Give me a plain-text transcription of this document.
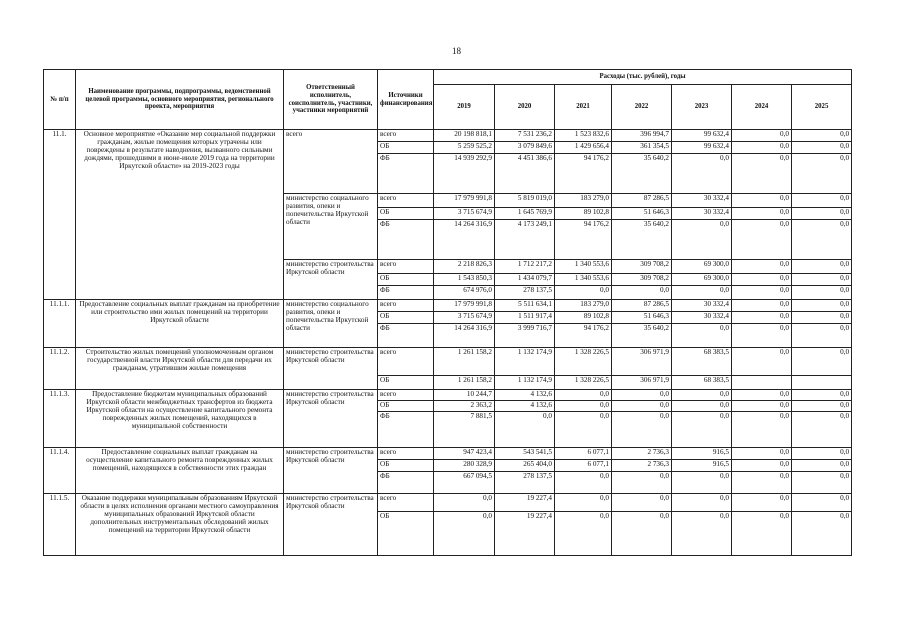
18
№ п/п	Наименование программы, подпрограммы, ведомственной целевой программы, основного мероприятия, регионального проекта, мероприятия	Ответственный исполнитель, соисполнитель, участники, участники мероприятий	Источники финансирования	Расходы (тыс. рублей), годы						
				2019	2020	2021	2022	2023	2024	2025
11.1.	Основное мероприятие «Оказание мер социальной поддержки гражданам, жилые помещения которых утрачены или повреждены в результате наводнения, вызванного сильными дождями, прошедшими в июне-июле 2019 года на территории Иркутской области» на 2019-2023 годы	всего	всего	20 198 818,1	7 531 236,2	1 523 832,6	396 994,7	99 632,4	0,0	0,0
			ОБ	5 259 525,2	3 079 849,6	1 429 656,4	361 354,5	99 632,4	0,0	0,0
			ФБ	14 939 292,9	4 451 386,6	94 176,2	35 640,2	0,0	0,0	0,0
		министерство социального развития, опеки и попечительства Иркутской области	всего	17 979 991,8	5 819 019,0	183 279,0	87 286,5	30 332,4	0,0	0,0
			ОБ	3 715 674,9	1 645 769,9	89 102,8	51 646,3	30 332,4	0,0	0,0
			ФБ	14 264 316,9	4 173 249,1	94 176,2	35 640,2	0,0	0,0	0,0
		министерство строительства Иркутской области	всего	2 218 826,3	1 712 217,2	1 340 553,6	309 708,2	69 300,0	0,0	0,0
			ОБ	1 543 850,3	1 434 079,7	1 340 553,6	309 708,2	69 300,0	0,0	0,0
			ФБ	674 976,0	278 137,5	0,0	0,0	0,0	0,0	0,0
11.1.1.	Предоставление социальных выплат гражданам на приобретение или строительство ими жилых помещений на территории Иркутской области	министерство социального развития, опеки и попечительства Иркутской области	всего	17 979 991,8	5 511 634,1	183 279,0	87 286,5	30 332,4	0,0	0,0
			ОБ	3 715 674,9	1 511 917,4	89 102,8	51 646,3	30 332,4	0,0	0,0
			ФБ	14 264 316,9	3 999 716,7	94 176,2	35 640,2	0,0	0,0	0,0
11.1.2.	Строительство жилых помещений уполномоченным органом государственной власти Иркутской области для передачи их гражданам, утратившим жилые помещения	министерство строительства Иркутской области	всего	1 261 158,2	1 132 174,9	1 328 226,5	306 971,9	68 383,5	0,0	0,0
			ОБ	1 261 158,2	1 132 174,9	1 328 226,5	306 971,9	68 383,5		
11.1.3.	Предоставление бюджетам муниципальных образований Иркутской области межбюджетных трансфертов из бюджета Иркутской области на осуществление капитального ремонта поврежденных жилых помещений, находящихся в муниципальной собственности	министерство строительства Иркутской области	всего	10 244,7	4 132,6	0,0	0,0	0,0	0,0	0,0
			ОБ	2 363,2	4 132,6	0,0	0,0	0,0	0,0	0,0
			ФБ	7 881,5	0,0	0,0	0,0	0,0	0,0	0,0
11.1.4.	Предоставление социальных выплат гражданам на осуществление капитального ремонта поврежденных жилых помещений, находящихся в собственности этих граждан	министерство строительства Иркутской области	всего	947 423,4	543 541,5	6 077,1	2 736,3	916,5	0,0	0,0
			ОБ	280 328,9	265 404,0	6 077,1	2 736,3	916,5	0,0	0,0
			ФБ	667 094,5	278 137,5	0,0	0,0	0,0	0,0	0,0
11.1.5.	Оказание поддержки муниципальным образованиям Иркутской области в целях исполнения органами местного самоуправления муниципальных образований Иркутской области дополнительных инструментальных обследований жилых помещений на территории Иркутской области	министерство строительства Иркутской области	всего	0,0	19 227,4	0,0	0,0	0,0	0,0	0,0
			ОБ	0,0	19 227,4	0,0	0,0	0,0	0,0	0,0
